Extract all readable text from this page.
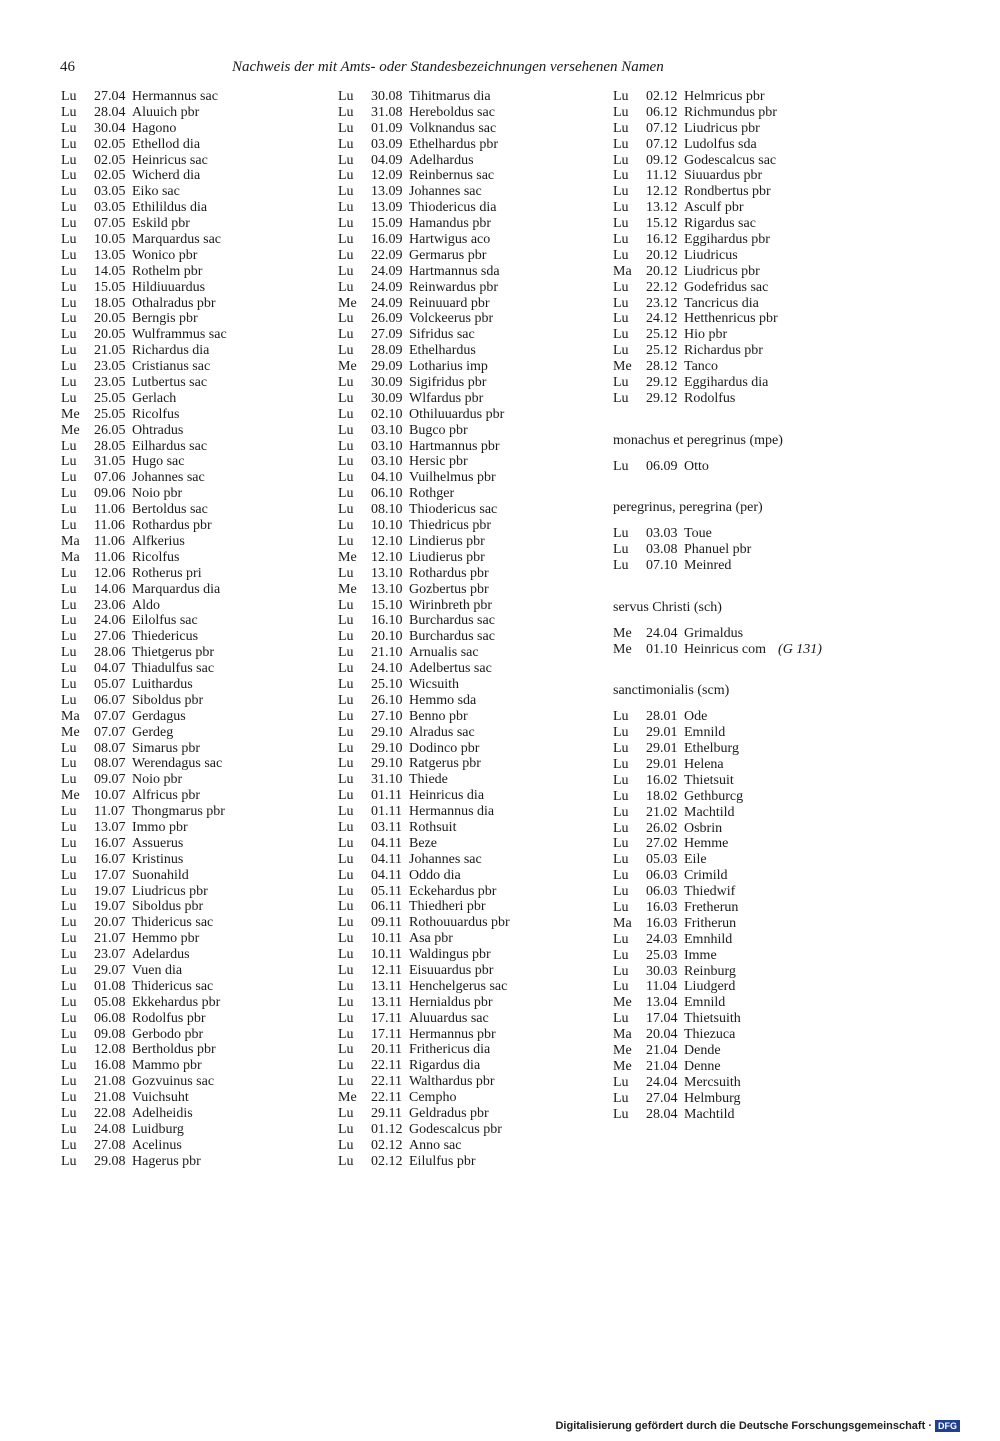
46	Nachweis der mit Amts- oder Standesbezeichnungen versehenen Namen
Lu 27.04 Hermannus sac
Lu 28.04 Aluuich pbr
Lu 30.04 Hagono
Lu 02.05 Ethellod dia
Lu 02.05 Heinricus sac
Lu 02.05 Wicherd dia
Lu 03.05 Eiko sac
Lu 03.05 Ethilildus dia
Lu 07.05 Eskild pbr
Lu 10.05 Marquardus sac
Lu 13.05 Wonico pbr
Lu 14.05 Rothelm pbr
Lu 15.05 Hildiuuardus
Lu 18.05 Othalradus pbr
Lu 20.05 Berngis pbr
Lu 20.05 Wulframmus sac
Lu 21.05 Richardus dia
Lu 23.05 Cristianus sac
Lu 23.05 Lutbertus sac
Lu 25.05 Gerlach
Me 25.05 Ricolfus
Me 26.05 Ohtradus
Lu 28.05 Eilhardus sac
Lu 31.05 Hugo sac
Lu 07.06 Johannes sac
Lu 09.06 Noio pbr
Lu 11.06 Bertoldus sac
Lu 11.06 Rothardus pbr
Ma 11.06 Alfkerius
Ma 11.06 Ricolfus
Lu 12.06 Rotherus pri
Lu 14.06 Marquardus dia
Lu 23.06 Aldo
Lu 24.06 Eilolfus sac
Lu 27.06 Thiedericus
Lu 28.06 Thietgerus pbr
Lu 04.07 Thiadulfus sac
Lu 05.07 Luithardus
Lu 06.07 Siboldus pbr
Ma 07.07 Gerdagus
Me 07.07 Gerdeg
Lu 08.07 Simarus pbr
Lu 08.07 Werendagus sac
Lu 09.07 Noio pbr
Me 10.07 Alfricus pbr
Lu 11.07 Thongmarus pbr
Lu 13.07 Immo pbr
Lu 16.07 Assuerus
Lu 16.07 Kristinus
Lu 17.07 Suonahild
Lu 19.07 Liudricus pbr
Lu 19.07 Siboldus pbr
Lu 20.07 Thidericus sac
Lu 21.07 Hemmo pbr
Lu 23.07 Adelardus
Lu 29.07 Vuen dia
Lu 01.08 Thidericus sac
Lu 05.08 Ekkehardus pbr
Lu 06.08 Rodolfus pbr
Lu 09.08 Gerbodo pbr
Lu 12.08 Bertholdus pbr
Lu 16.08 Mammo pbr
Lu 21.08 Gozvuinus sac
Lu 21.08 Vuichsuht
Lu 22.08 Adelheidis
Lu 24.08 Luidburg
Lu 27.08 Acelinus
Lu 29.08 Hagerus pbr
Lu 30.08 Tihitmarus dia
Lu 31.08 Hereboldus sac
Lu 01.09 Volknandus sac
Lu 03.09 Ethelhardus pbr
Lu 04.09 Adelhardus
Lu 12.09 Reinbernus sac
Lu 13.09 Johannes sac
Lu 13.09 Thiodericus dia
Lu 15.09 Hamandus pbr
Lu 16.09 Hartwigus aco
Lu 22.09 Germarus pbr
Lu 24.09 Hartmannus sda
Lu 24.09 Reinwardus pbr
Me 24.09 Reinuuard pbr
Lu 26.09 Volckeerus pbr
Lu 27.09 Sifridus sac
Lu 28.09 Ethelhardus
Me 29.09 Lotharius imp
Lu 30.09 Sigifridus pbr
Lu 30.09 Wlfardus pbr
Lu 02.10 Othiluuardus pbr
Lu 03.10 Bugco pbr
Lu 03.10 Hartmannus pbr
Lu 03.10 Hersic pbr
Lu 04.10 Vuilhelmus pbr
Lu 06.10 Rothger
Lu 08.10 Thiodericus sac
Lu 10.10 Thiedricus pbr
Lu 12.10 Lindierus pbr
Me 12.10 Liudierus pbr
Lu 13.10 Rothardus pbr
Me 13.10 Gozbertus pbr
Lu 15.10 Wirinbreth pbr
Lu 16.10 Burchardus sac
Lu 20.10 Burchardus sac
Lu 21.10 Arnualis sac
Lu 24.10 Adelbertus sac
Lu 25.10 Wicsuith
Lu 26.10 Hemmo sda
Lu 27.10 Benno pbr
Lu 29.10 Alradus sac
Lu 29.10 Dodinco pbr
Lu 29.10 Ratgerus pbr
Lu 31.10 Thiede
Lu 01.11 Heinricus dia
Lu 01.11 Hermannus dia
Lu 03.11 Rothsuit
Lu 04.11 Beze
Lu 04.11 Johannes sac
Lu 04.11 Oddo dia
Lu 05.11 Eckehardus pbr
Lu 06.11 Thiedheri pbr
Lu 09.11 Rothouuardus pbr
Lu 10.11 Asa pbr
Lu 10.11 Waldingus pbr
Lu 12.11 Eisuuardus pbr
Lu 13.11 Henchelgerus sac
Lu 13.11 Hernialdus pbr
Lu 17.11 Aluuardus sac
Lu 17.11 Hermannus pbr
Lu 20.11 Frithericus dia
Lu 22.11 Rigardus dia
Lu 22.11 Walthardus pbr
Me 22.11 Cempho
Lu 29.11 Geldradus pbr
Lu 01.12 Godescalcus pbr
Lu 02.12 Anno sac
Lu 02.12 Eilulfus pbr
Lu 02.12 Helmricus pbr
Lu 06.12 Richmundus pbr
Lu 07.12 Liudricus pbr
Lu 07.12 Ludolfus sda
Lu 09.12 Godescalcus sac
Lu 11.12 Siuuardus pbr
Lu 12.12 Rondbertus pbr
Lu 13.12 Asculf pbr
Lu 15.12 Rigardus sac
Lu 16.12 Eggihardus pbr
Lu 20.12 Liudricus
Ma 20.12 Liudricus pbr
Lu 22.12 Godefridus sac
Lu 23.12 Tancricus dia
Lu 24.12 Hetthenricus pbr
Lu 25.12 Hio pbr
Lu 25.12 Richardus pbr
Me 28.12 Tanco
Lu 29.12 Eggihardus dia
Lu 29.12 Rodolfus
monachus et peregrinus (mpe)
Lu 06.09 Otto
peregrinus, peregrina (per)
Lu 03.03 Toue
Lu 03.08 Phanuel pbr
Lu 07.10 Meinred
servus Christi (sch)
Me 24.04 Grimaldus
Me 01.10 Heinricus com (G 131)
sanctimonialis (scm)
Lu 28.01 Ode
Lu 29.01 Emnild
Lu 29.01 Ethelburg
Lu 29.01 Helena
Lu 16.02 Thietsuit
Lu 18.02 Gethburcg
Lu 21.02 Machtild
Lu 26.02 Osbrin
Lu 27.02 Hemme
Lu 05.03 Eile
Lu 06.03 Crimild
Lu 06.03 Thiedwif
Lu 16.03 Fretherun
Ma 16.03 Fritherun
Lu 24.03 Emnhild
Lu 25.03 Imme
Lu 30.03 Reinburg
Lu 11.04 Liudgerd
Me 13.04 Emnild
Lu 17.04 Thietsuith
Ma 20.04 Thiezuca
Me 21.04 Dende
Me 21.04 Denne
Lu 24.04 Mercsuith
Lu 27.04 Helmburg
Lu 28.04 Machtild
Digitalisierung gefördert durch die Deutsche Forschungsgemeinschaft · DFG
